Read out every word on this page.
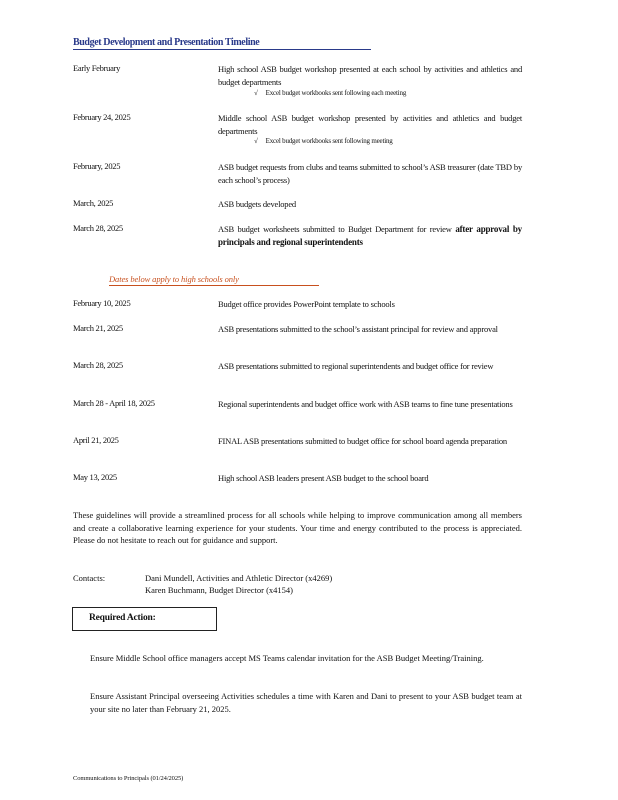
Budget Development and Presentation Timeline
Early February	High school ASB budget workshop presented at each school by activities and athletics and budget departments
√ Excel budget workbooks sent following each meeting
February 24, 2025	Middle school ASB budget workshop presented by activities and athletics and budget departments
√ Excel budget workbooks sent following meeting
February, 2025	ASB budget requests from clubs and teams submitted to school’s ASB treasurer (date TBD by each school’s process)
March, 2025	ASB budgets developed
March 28, 2025	ASB budget worksheets submitted to Budget Department for review after approval by principals and regional superintendents
Dates below apply to high schools only
February 10, 2025	Budget office provides PowerPoint template to schools
March 21, 2025	ASB presentations submitted to the school’s assistant principal for review and approval
March 28, 2025	ASB presentations submitted to regional superintendents and budget office for review
March 28 - April 18, 2025	Regional superintendents and budget office work with ASB teams to fine tune presentations
April 21, 2025	FINAL ASB presentations submitted to budget office for school board agenda preparation
May 13, 2025	High school ASB leaders present ASB budget to the school board
These guidelines will provide a streamlined process for all schools while helping to improve communication among all members and create a collaborative learning experience for your students. Your time and energy contributed to the process is appreciated. Please do not hesitate to reach out for guidance and support.
Contacts:	Dani Mundell, Activities and Athletic Director (x4269)
Karen Buchmann, Budget Director (x4154)
Required Action:
Ensure Middle School office managers accept MS Teams calendar invitation for the ASB Budget Meeting/Training.
Ensure Assistant Principal overseeing Activities schedules a time with Karen and Dani to present to your ASB budget team at your site no later than February 21, 2025.
Communications to Principals (01/24/2025)
